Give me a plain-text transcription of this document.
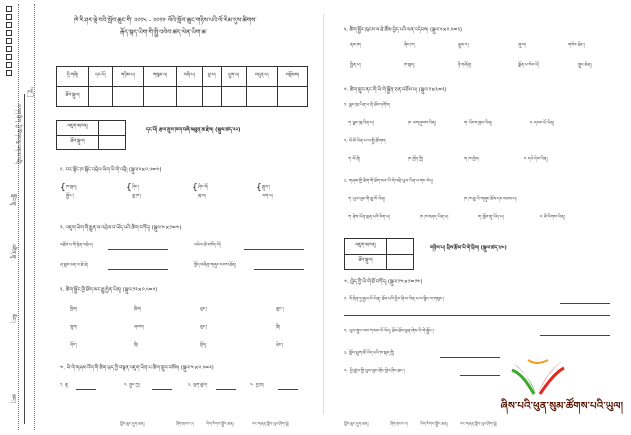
☝
བཀག་ཐིག་ ཕྱི་ལོགས་སུ་ལན་མ་འབྲི།
སློབ་གྲྭ་
འཛིན་གྲྭ་
མིང་།
ཨང་།
ཁེ་རི་ཤར་ལྡེ་བའི་སློབ་ཆུང་གི་ ༢༠༡༨ - ༢༠༡༩ ལོའི་སློབ་ཆུང་གཉིས་པའི་ལོ་རིམ་དུས་ཚིགས་
རྒོད་སྐད་ཡིག་གི་སྤྱི་འབེབ་ཚད་ལེན་ཡིག་ཆ་
དྲི་གཞི།	དང་པོ།	གཉིས་པ།	གསུམ་པ།	བཞི་པ།	ལྔ་པ།	དྲུག་པ།	བདུན་པ།	བསྡོམས།
ཐོབ་སྐུལ།								
འཇུག་མཁན།	
ཐོབ་སྐུལ།	
དང་པོ། རྩལ་ནུས་ཁག་བཞི་མཐུན་ཆ་རྗེས། (སྐུལ་ཚད་༢༢)
༡. བར་སྟོང་ཁ་སྐོང་འབྲེལ་ཡིག་ཡི་གེ་འབྲི། (སྐུལ་༥×༠.༥=༤)
{ ཁ་སྐད།
སྦྱོར་།
{ ཤིང་།
ཆུ་ཁ་།
{ ཤིང་ལོ།
ཁུ་བ།
{ སྐུལ་།
ལག་པ།
༢. འཇུག་ཡིག་གི་རྒྱུན་ལ་འབྲེལ་བ་ཡོད་པའི་ཚིག་བཀོད། (སྐུལ་༤×༡=༤)
འཐོབ་པ་གི་རྟེན་འབྲེལ།	འཕེལ་ཚེ་བསོད་ལོ།
ཤ་ཐུབ་ཅན་ལ་ཐེ་ཐེ།	ཁྱོད་བཞིན་གཞུང་རབས་ཐོན།
༣. ཚིག་སྦྱོར་གྱི་ཐོག་མར་རྒྱུ་རྐྱེན་ཡིན། (སྐུལ་༡༢×༠.༥=༦)
ཁྱིམ།	ཁྲིམ།	ཅུང་།	ཆུང་།
ཁྲུས།	ཞབས།	ཅུང་།	ཁྲི།
ཤོང་།	ཁྲི།	སྡོད།	ཕྲེང་།
༤. ཡི་གེ་གཤམ་འོག་གི་ཚིག་ཕྲད་ཀྱི་བསྟན་འཇུག་ཡིན་པ་ཚིག་གྲུབ་བཟོས། (སྐུལ་༤×༠.༥=༢)
༡. རྟ།	༢. སྤྱང་ཀྱ།	༣. ལུག་ཚུལ།	༤. བྱ་ཁྲ།
༥. ཚིག་སྦྱོར་ཁུངས་ལ་ཐེ་ཚོམ་བྱེད་པའི་ལན་འདེབས། (སྐུལ་༦×༠.༥=༣)
ནམ་ཁ།	ཞིང་ཁ།	ལྡུམ་ར།	ཞུ་བ།	གསེར་ཕྲེང་།
སྤྲིན་པ།	ཁ་སྐད།	ཉི་གཞོན།	ལྗོན་པ་སེར་པོ།	ཁྱུང་ཆེན།
༦. ཚིག་གྲུབ་ནང་གི་ཡི་གེ་སྐྱོན་ཅན་བཅོས་པ། (སྐུལ་༡×༣=༣)
༡. ལྗང་ཁུ་ཡིན་པ་ནི་ཐོབ་དགོས།
ཀ ལྗང་ཁུ་ཡིན་པ།	ཁ ལག་ཤུབས་ཡིན།	ག ཡོངས་ཁྱབ་ཡིན།	ང དམར་པོ་ཡིན།
༢. ཕོ་མོ་ཡིན་པ་ལ་སྤྱི་ཚོགས།
ཀ ཕོ་ནི།	ཁ ཁྱོད་ཀྱི།	ག ཁ་ཁྱེར།	ང དཔེ་དེབ་ཡིན།
༣. གཤམ་གྱི་ཚིག་གི་ཐོག་མར་ཡི་གེ་འབྲི་ཡུལ་ཡིན་པ་གང་རེད།
ཀ ཡུལ་ལུང་གི་ཆུ་བོ་ཡིན།	ཁ ཁ་ཆུ་ཡི་གཞུང་ཆོས་དང་བཅས་པ།
ཀ ཤེས་ཡོན་ལྡན་པའི་རིག་པ།	ཁ ཁ་བཤད་ཡིན་པ།	ག སློབ་གྲྭ་ཡོད་པ།	ང མི་རིགས་ཡིན།
འཇུག་མཁན།	
ཐོབ་སྐུལ།	
གཉིས་པ། བྲིས་རྩོམ་ཡི་གེ་བྲིས། (སྐུལ་ཚད་༣༤)
༧. ཁྱེད་ཀྱི་ཡི་གེ་ཐོ་བཀོད། (སྐུལ་༡༤×༡=༡༤)
༡. ལོ་ཤིན་ཏུ་རྒྱལ་པོ་ཡིན། ཐོབ་པའི་ཕྱིར་ཞི་བ་ཡིན་པ་ལ་སྙིང་ལ་གསུང་།
༢. ཡུལ་སྲུང་ལས་ཀ་མང་པོ་ཡོད། ཐོབ་ཐོབ་ལྡན་ཞེས་ཡི་གེ་སྦྱོང་།
༣. སློབ་ཕྲུག་ཚོ་ཡོད་པའི་ཁ་སྐད་ཀྱི།
༤. ཕྱི་ཚུལ་གྱི་ཡུལ་ལུང་གྲོང་ཁྱེར་ཤིང་ཐང་།
ཞིས་པའི་ཕུན་སུམ་ཚོགས་པའི་ཡུལ།
སློབ་ཆུང་དྲུག་ཚན།	ཤོག་གྲངས་༡།	ཡིག་རིགས་སྦྱོང་ཚན།	རང་གཞན་སློབ་ཡུལ་ཤོག་ལྷེ།	སློབ་ཆུང་དྲུག་ཚན།	ཤོག་གྲངས་༢།	ཡིག་རིགས་སྦྱོང་ཚན།	རང་གཞན་སློབ་ཡུལ་ཤོག་ལྷེ།
